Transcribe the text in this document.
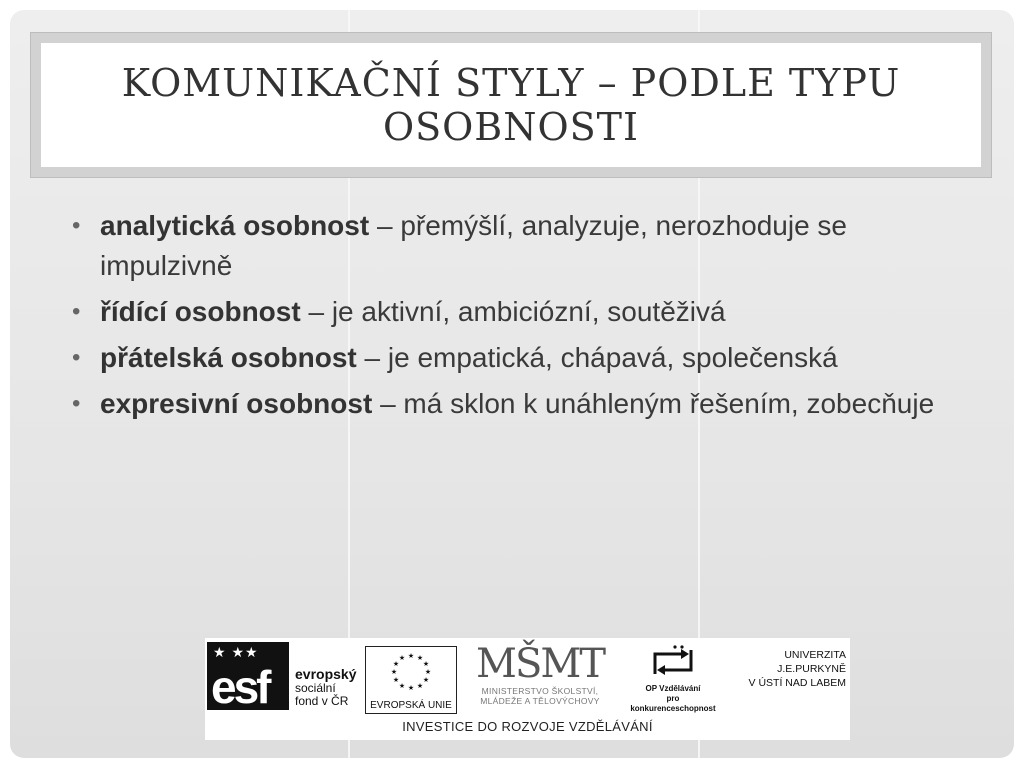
KOMUNIKAČNÍ STYLY – PODLE TYPU OSOBNOSTI
• analytická osobnost – přemýšlí, analyzuje, nerozhoduje se impulzivně
• řídící osobnost – je aktivní, ambiciózní, soutěživá
• přátelská osobnost – je empatická, chápavá, společenská
• expresivní osobnost – má sklon k unáhleným řešením, zobecňuje
★ ★★
esf evropský
sociální
fond v ČR
★ ★
★
★
★
★
★
★
★
★
★
★
EVROPSKÁ UNIE
MŠMT
MINISTERSTVO ŠKOLSTVÍ,
MLÁDEŽE A TĚLOVÝCHOVY
OP Vzdělávání
pro konkurenceschopnost
UNIVERZITA
J.E.PURKYNĚ
V ÚSTÍ NAD LABEM
INVESTICE DO ROZVOJE VZDĚLÁVÁNÍ
